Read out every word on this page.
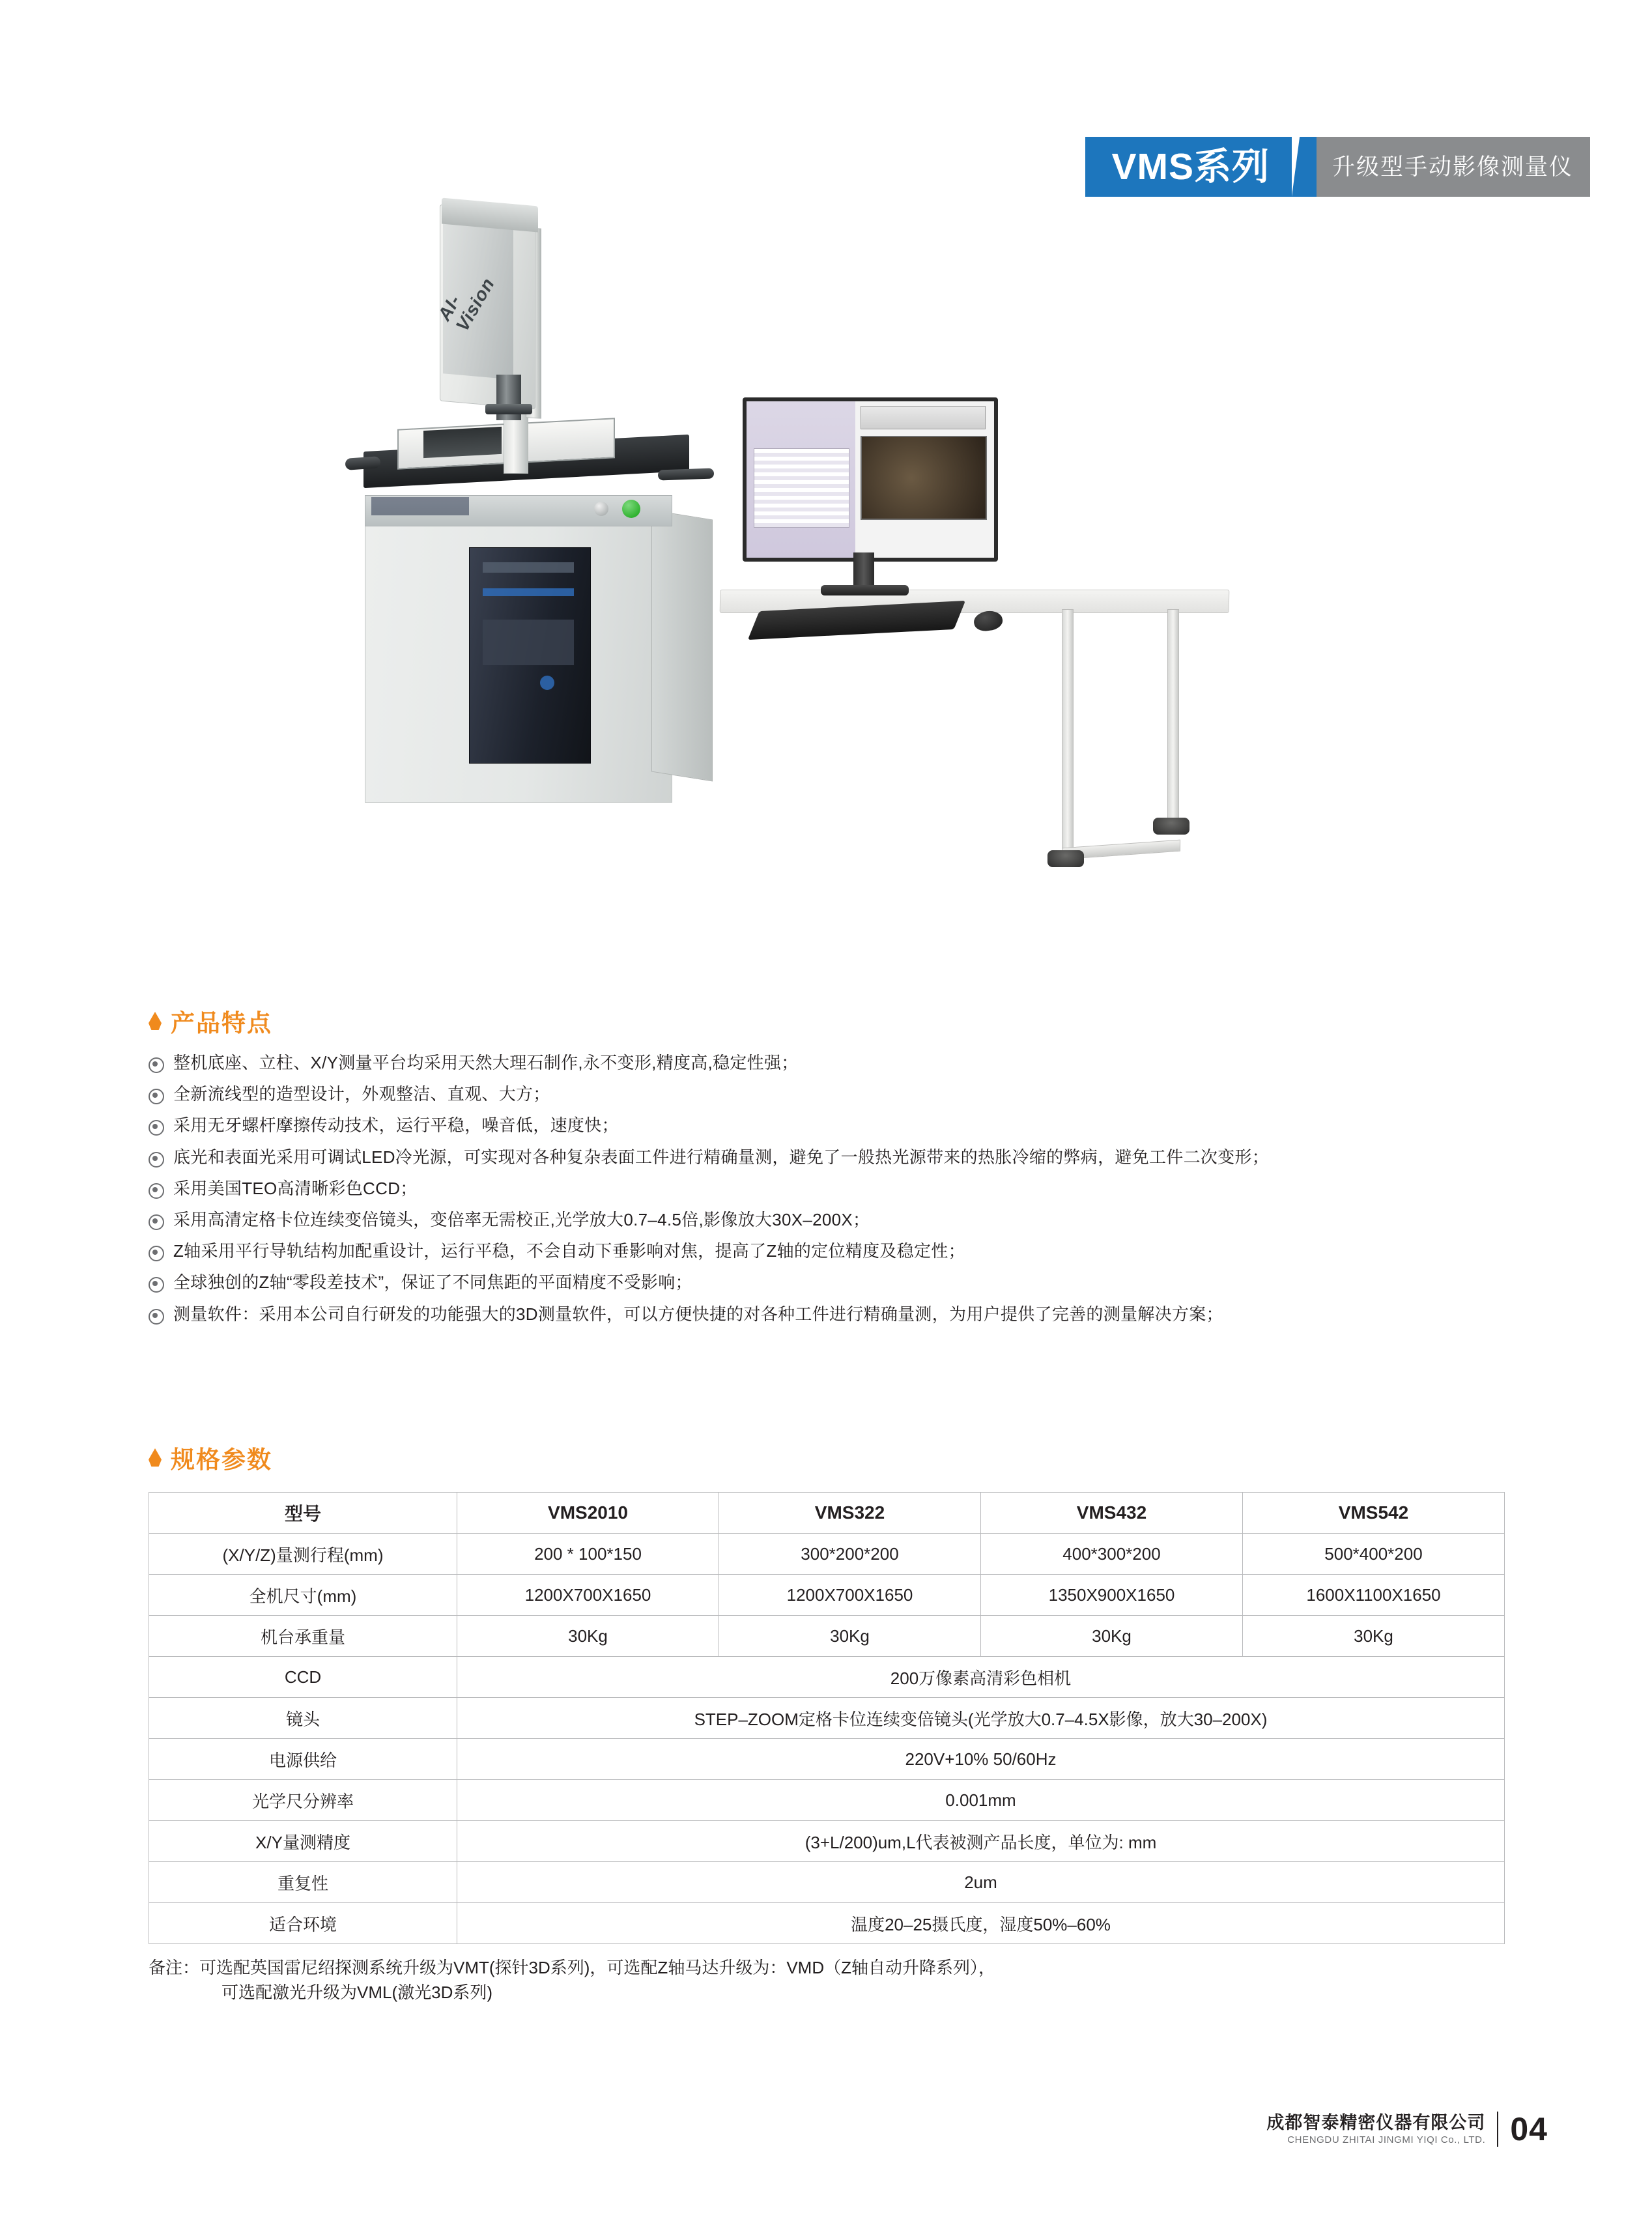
VMS系列	升级型手动影像测量仪
AI-Vision
产品特点
整机底座、立柱、X/Y测量平台均采用天然大理石制作,永不变形,精度高,稳定性强；
全新流线型的造型设计，外观整洁、直观、大方；
采用无牙螺杆摩擦传动技术，运行平稳，噪音低，速度快；
底光和表面光采用可调试LED冷光源，可实现对各种复杂表面工件进行精确量测，避免了一般热光源带来的热胀冷缩的弊病，避免工件二次变形；
采用美国TEO高清晰彩色CCD；
采用高清定格卡位连续变倍镜头，变倍率无需校正,光学放大0.7–4.5倍,影像放大30X–200X；
Z轴采用平行导轨结构加配重设计，运行平稳，不会自动下垂影响对焦，提高了Z轴的定位精度及稳定性；
全球独创的Z轴“零段差技术”，保证了不同焦距的平面精度不受影响；
测量软件：采用本公司自行研发的功能强大的3D测量软件，可以方便快捷的对各种工件进行精确量测，为用户提供了完善的测量解决方案；
规格参数
型号	VMS2010	VMS322	VMS432	VMS542
(X/Y/Z)量测行程(mm)	200 * 100*150	300*200*200	400*300*200	500*400*200
全机尺寸(mm)	1200X700X1650	1200X700X1650	1350X900X1650	1600X1100X1650
机台承重量	30Kg	30Kg	30Kg	30Kg
CCD	200万像素高清彩色相机			
镜头	STEP–ZOOM定格卡位连续变倍镜头(光学放大0.7–4.5X影像，放大30–200X)			
电源供给	220V+10% 50/60Hz			
光学尺分辨率	0.001mm			
X/Y量测精度	(3+L/200)um,L代表被测产品长度，单位为: mm			
重复性	2um			
适合环境	温度20–25摄氏度，湿度50%–60%			
备注：可选配英国雷尼绍探测系统升级为VMT(探针3D系列)，可选配Z轴马达升级为：VMD（Z轴自动升降系列），
可选配激光升级为VML(激光3D系列)
成都智泰精密仪器有限公司
CHENGDU ZHITAI JINGMI YIQI Co., LTD. 04
